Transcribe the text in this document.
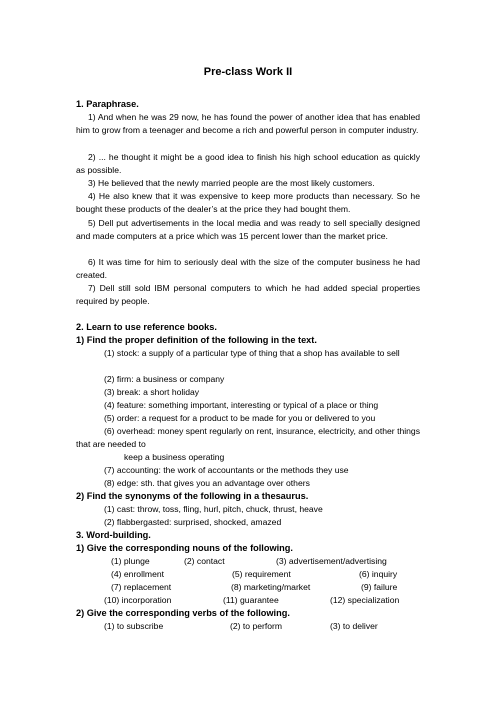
Pre-class Work II
1. Paraphrase.
1) And when he was 29 now, he has found the power of another idea that has enabled him to grow from a teenager and become a rich and powerful person in computer industry.
2) ... he thought it might be a good idea to finish his high school education as quickly as possible.
3) He believed that the newly married people are the most likely customers.
4) He also knew that it was expensive to keep more products than necessary. So he bought these products of the dealer’s at the price they had bought them.
5) Dell put advertisements in the local media and was ready to sell specially designed and made computers at a price which was 15 percent lower than the market price.
6) It was time for him to seriously deal with the size of the computer business he had created.
7) Dell still sold IBM personal computers to which he had added special properties required by people.
2. Learn to use reference books.
1) Find the proper definition of the following in the text.
(1) stock: a supply of a particular type of thing that a shop has available to sell
(2) firm: a business or company
(3) break: a short holiday
(4) feature: something important, interesting or typical of a place or thing
(5) order: a request for a product to be made for you or delivered to you
(6) overhead: money spent regularly on rent, insurance, electricity, and other things that are needed to
keep a business operating
(7) accounting: the work of accountants or the methods they use
(8) edge: sth. that gives you an advantage over others
2) Find the synonyms of the following in a thesaurus.
(1) cast: throw, toss, fling, hurl, pitch, chuck, thrust, heave
(2) flabbergasted: surprised, shocked, amazed
3. Word-building.
1) Give the corresponding nouns of the following.
(1) plunge	(2) contact	(3) advertisement/advertising
(4) enrollment	(5) requirement	(6) inquiry
(7) replacement	(8) marketing/market	(9) failure
(10) incorporation	(11) guarantee	(12) specialization
2) Give the corresponding verbs of the following.
(1) to subscribe	(2) to perform	(3) to deliver
